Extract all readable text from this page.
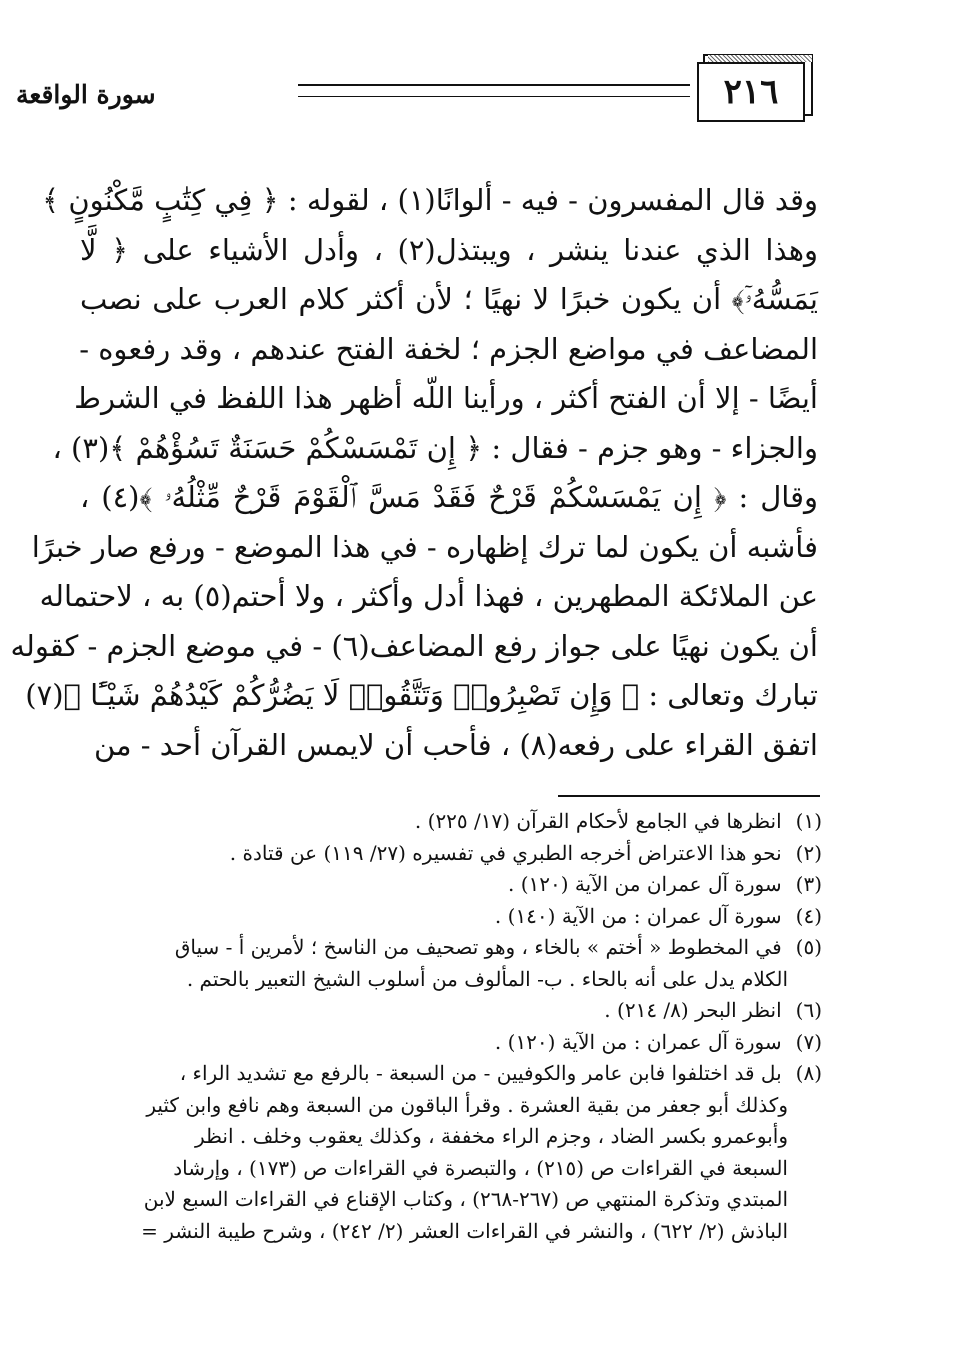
٢١٦
سورة الواقعة
وقد قال المفسرون - فيه - ألوانًا(١) ، لقوله : ﴿ فِي كِتَٰبٍ مَّكْنُونٍ ﴾
وهذا الذي عندنا ينشر ، ويبتذل(٢) ، وأدل الأشياء على ﴿ لَّا
يَمَسُّهُۥٓ﴾ أن يكون خبرًا لا نهيًا ؛ لأن أكثر كلام العرب على نصب
المضاعف في مواضع الجزم ؛ لخفة الفتح عندهم ، وقد رفعوه -
أيضًا - إلا أن الفتح أكثر ، ورأينا اللّه أظهر هذا اللفظ في الشرط
والجزاء - وهو جزم - فقال : ﴿ إِن تَمْسَسْكُمْ حَسَنَةٌ تَسُؤْهُمْ ﴾(٣) ،
وقال : ﴿ إِن يَمْسَسْكُمْ قَرْحٌ فَقَدْ مَسَّ ٱلْقَوْمَ قَرْحٌ مِّثْلُهُۥ ﴾(٤) ،
فأشبه أن يكون لما ترك إظهاره - في هذا الموضع - ورفع صار خبرًا
عن الملائكة المطهرين ، فهذا أدل وأكثر ، ولا أحتم(٥) به ، لاحتماله
أن يكون نهيًا على جواز رفع المضاعف(٦) - في موضع الجزم - كقوله
تبارك وتعالى : ﴿ وَإِن تَصْبِرُوا۟ وَتَتَّقُوا۟ لَا يَضُرُّكُمْ كَيْدُهُمْ شَيْـًٔا ﴾(٧)
اتفق القراء على رفعه(٨) ، فأحب أن لايمس القرآن أحد - من
(١) انظرها في الجامع لأحكام القرآن (١٧/ ٢٢٥) .
(٢) نحو هذا الاعتراض أخرجه الطبري في تفسيره (٢٧/ ١١٩) عن قتادة .
(٣) سورة آل عمران من الآية (١٢٠) .
(٤) سورة آل عمران : من الآية (١٤٠) .
(٥) في المخطوط « أختم » بالخاء ، وهو تصحيف من الناسخ ؛ لأمرين أ - سياق
الكلام يدل على أنه بالحاء . ب- المألوف من أسلوب الشيخ التعبير بالحتم .
(٦) انظر البحر (٨/ ٢١٤) .
(٧) سورة آل عمران : من الآية (١٢٠) .
(٨) بل قد اختلفوا فابن عامر والكوفيين - من السبعة - بالرفع مع تشديد الراء ،
وكذلك أبو جعفر من بقية العشرة . وقرأ الباقون من السبعة وهم نافع وابن كثير
وأبوعمرو بكسر الضاد ، وجزم الراء مخففة ، وكذلك يعقوب وخلف . انظر
السبعة في القراءات ص (٢١٥) ، والتبصرة في القراءات ص (١٧٣) ، وإرشاد
المبتدي وتذكرة المنتهي ص (٢٦٧-٢٦٨) ، وكتاب الإقناع في القراءات السبع لابن
الباذش (٢/ ٦٢٢) ، والنشر في القراءات العشر (٢/ ٢٤٢) ، وشرح طيبة النشر =
